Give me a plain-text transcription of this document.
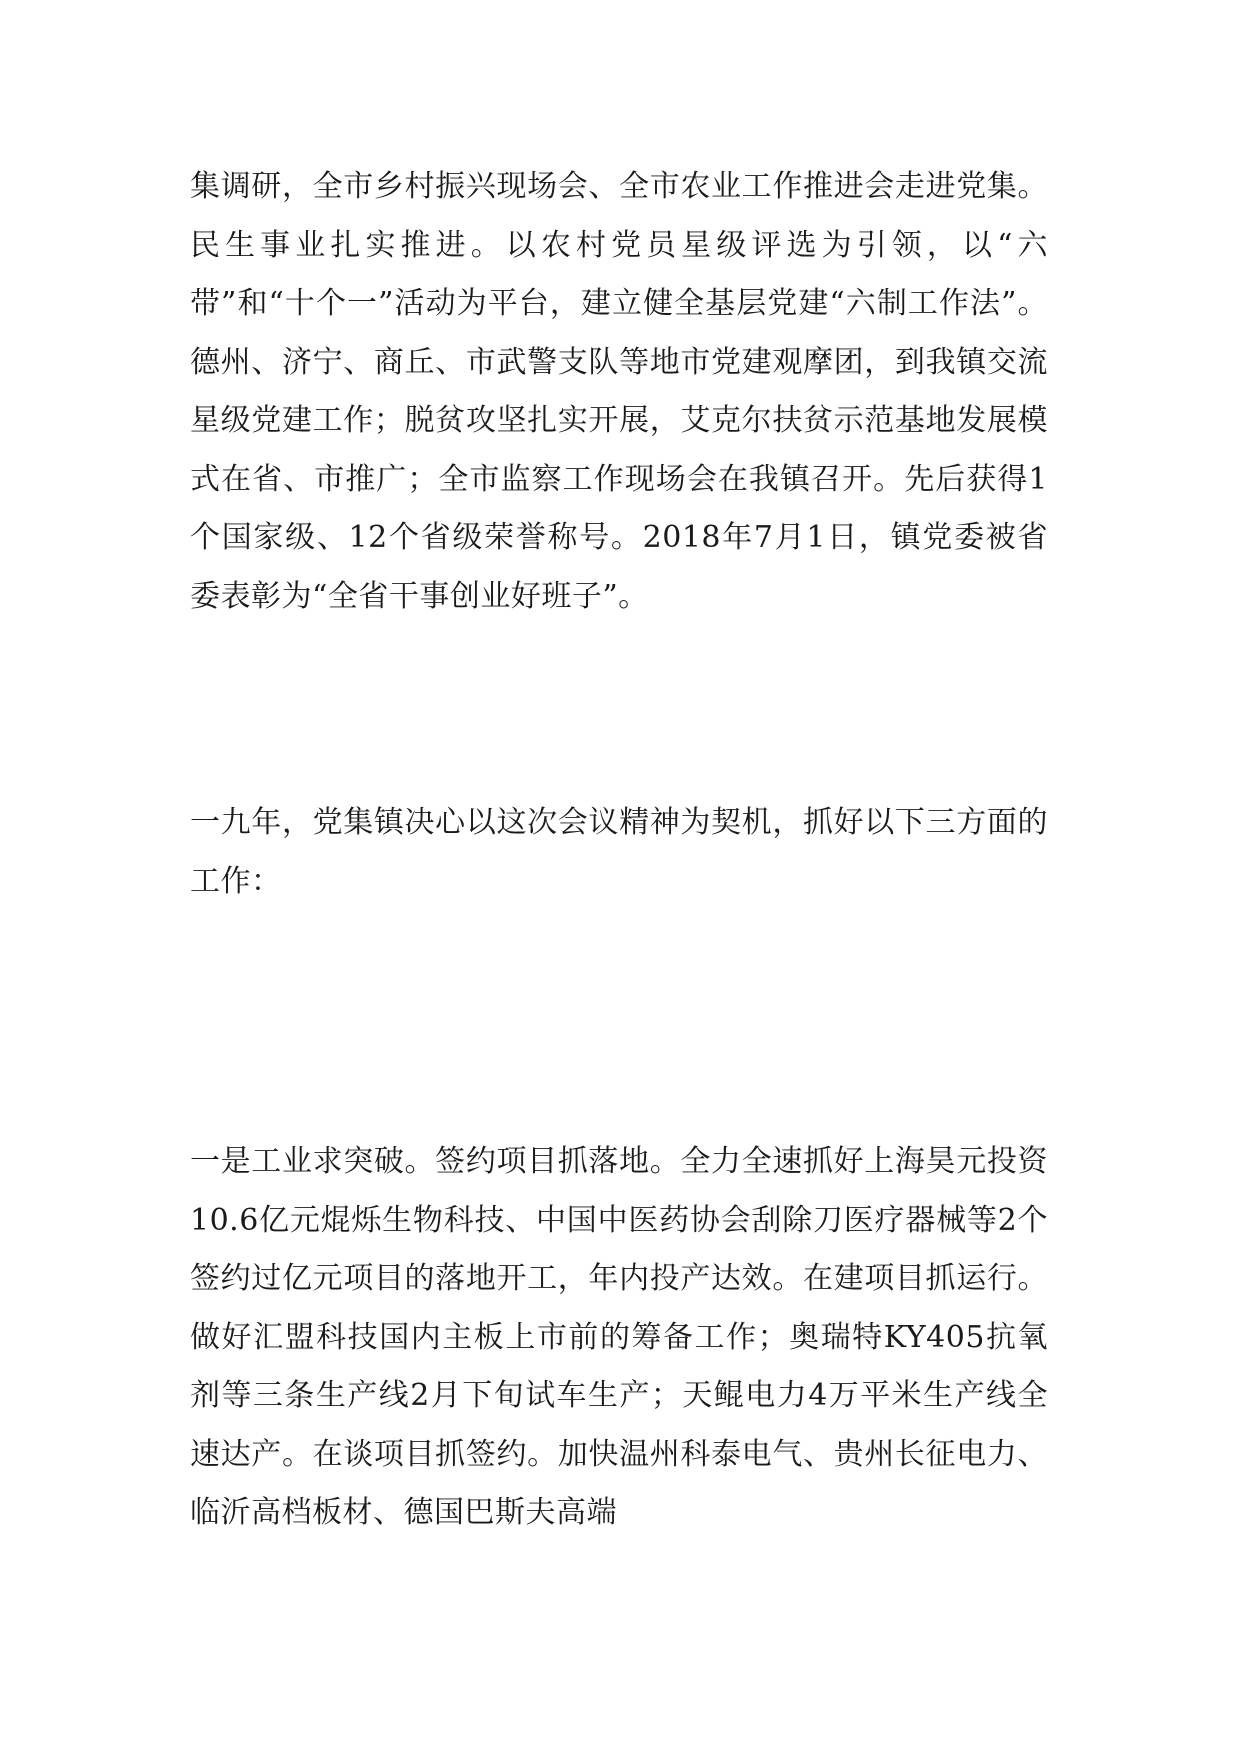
集调研，全市乡村振兴现场会、全市农业工作推进会走进党集。民生事业扎实推进。以农村党员星级评选为引领，以“六带”和“十个一”活动为平台，建立健全基层党建“六制工作法”。 德州、济宁、商丘、市武警支队等地市党建观摩团，到我镇交流星级党建工作；脱贫攻坚扎实开展，艾克尔扶贫示范基地发展模式在省、市推广；全市监察工作现场会在我镇召开。先后获得1个国家级、12个省级荣誉称号。2018年7月1日，镇党委被省委表彰为“全省干事创业好班子”。

一九年，党集镇决心以这次会议精神为契机，抓好以下三方面的工作：

一是工业求突破。签约项目抓落地。全力全速抓好上海昊元投资10.6亿元焜烁生物科技、中国中医药协会刮除刀医疗器械等2个签约过亿元项目的落地开工，年内投产达效。在建项目抓运行。做好汇盟科技国内主板上市前的筹备工作；奥瑞特KY405抗氧剂等三条生产线2月下旬试车生产；天鲲电力4万平米生产线全速达产。在谈项目抓签约。加快温州科泰电气、贵州长征电力、临沂高档板材、德国巴斯夫高端
